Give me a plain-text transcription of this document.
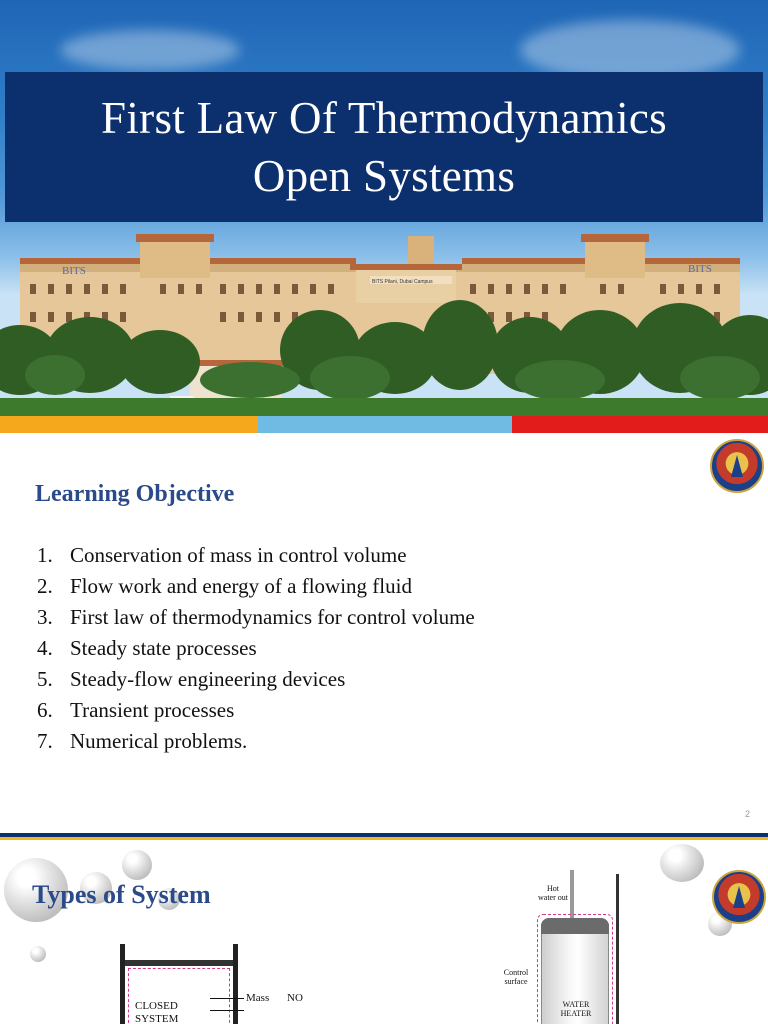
First Law Of Thermodynamics
Open Systems
BITS	BITS
BITS Pilani, Dubai Campus
Learning Objective
1. Conservation of mass in control volume
2. Flow work and energy of a flowing fluid
3. First law of thermodynamics for control volume
4. Steady state processes
5. Steady-flow engineering devices
6. Transient processes
7. Numerical problems.
2
Types of System
CLOSED SYSTEM
Mass NO
Hot water out
Control surface
WATER HEATER
